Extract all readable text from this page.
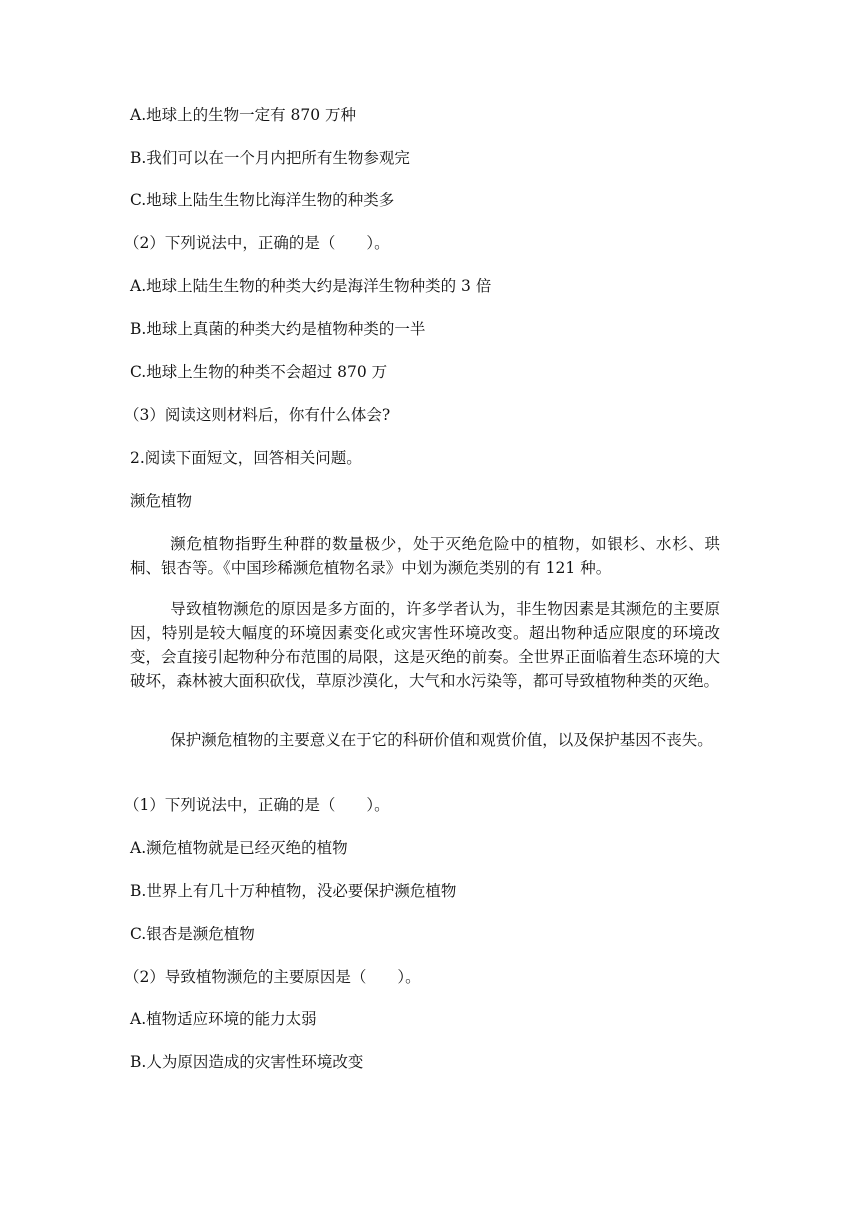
A.地球上的生物一定有 870 万种
B.我们可以在一个月内把所有生物参观完
C.地球上陆生生物比海洋生物的种类多
（2）下列说法中，正确的是（　　）。
A.地球上陆生生物的种类大约是海洋生物种类的 3 倍
B.地球上真菌的种类大约是植物种类的一半
C.地球上生物的种类不会超过 870 万
（3）阅读这则材料后，你有什么体会?
2.阅读下面短文，回答相关问题。
濒危植物
濒危植物指野生种群的数量极少，处于灭绝危险中的植物，如银杉、水杉、珙桐、银杏等。《中国珍稀濒危植物名录》中划为濒危类别的有 121 种。
导致植物濒危的原因是多方面的，许多学者认为，非生物因素是其濒危的主要原因，特别是较大幅度的环境因素变化或灾害性环境改变。超出物种适应限度的环境改变，会直接引起物种分布范围的局限，这是灭绝的前奏。全世界正面临着生态环境的大破坏，森林被大面积砍伐，草原沙漠化，大气和水污染等，都可导致植物种类的灭绝。
保护濒危植物的主要意义在于它的科研价值和观赏价值，以及保护基因不丧失。
（1）下列说法中，正确的是（　　）。
A.濒危植物就是已经灭绝的植物
B.世界上有几十万种植物，没必要保护濒危植物
C.银杏是濒危植物
（2）导致植物濒危的主要原因是（　　）。
A.植物适应环境的能力太弱
B.人为原因造成的灾害性环境改变
